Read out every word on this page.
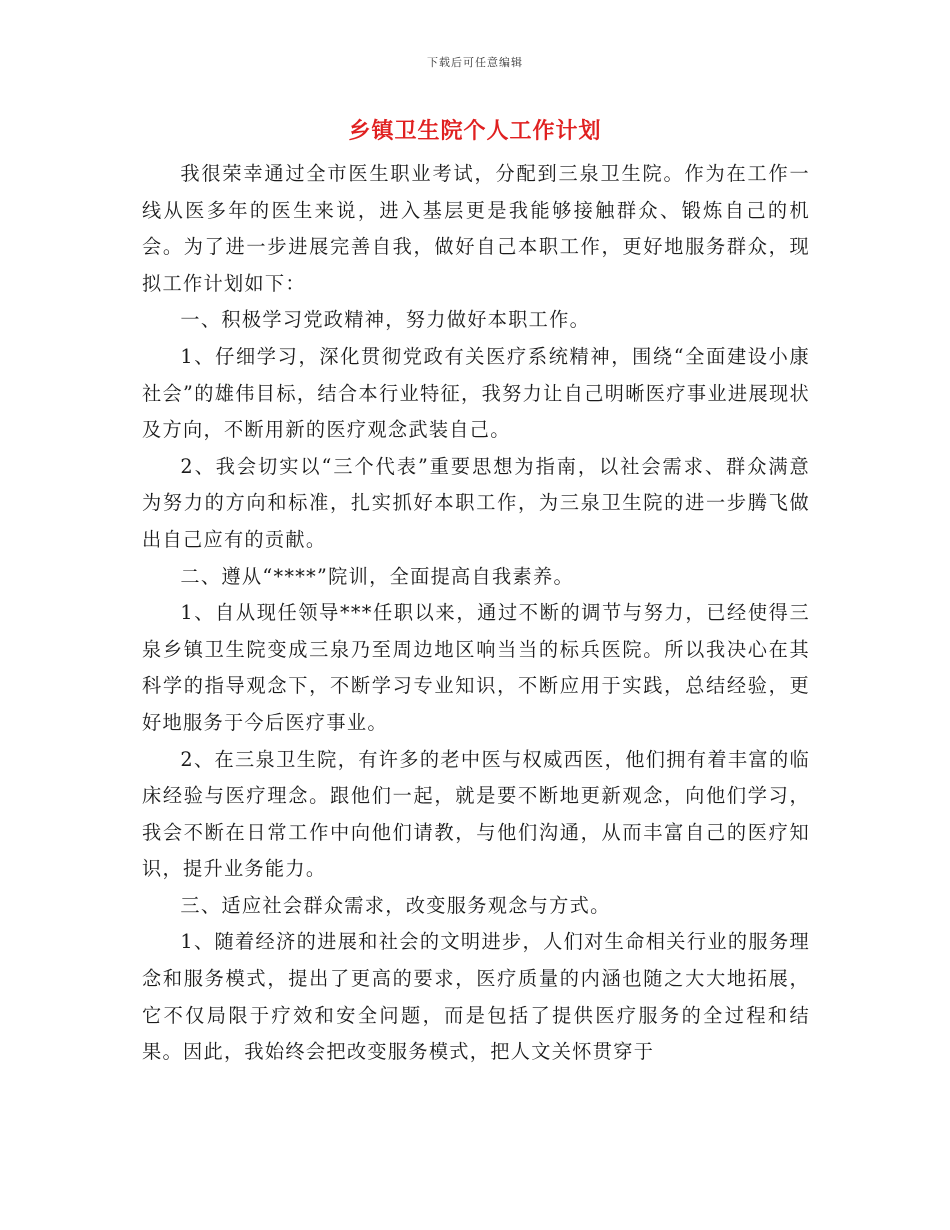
下载后可任意编辑
乡镇卫生院个人工作计划

我很荣幸通过全市医生职业考试，分配到三泉卫生院。作为在工作一线从医多年的医生来说，进入基层更是我能够接触群众、锻炼自己的机会。为了进一步进展完善自我，做好自己本职工作，更好地服务群众，现拟工作计划如下：

一、积极学习党政精神，努力做好本职工作。

1、仔细学习，深化贯彻党政有关医疗系统精神，围绕“全面建设小康社会”的雄伟目标，结合本行业特征，我努力让自己明晰医疗事业进展现状及方向，不断用新的医疗观念武装自己。

2、我会切实以“三个代表”重要思想为指南，以社会需求、群众满意为努力的方向和标准，扎实抓好本职工作，为三泉卫生院的进一步腾飞做出自己应有的贡献。

二、遵从“****”院训，全面提高自我素养。

1、自从现任领导***任职以来，通过不断的调节与努力，已经使得三泉乡镇卫生院变成三泉乃至周边地区响当当的标兵医院。所以我决心在其科学的指导观念下，不断学习专业知识，不断应用于实践，总结经验，更好地服务于今后医疗事业。

2、在三泉卫生院，有许多的老中医与权威西医，他们拥有着丰富的临床经验与医疗理念。跟他们一起，就是要不断地更新观念，向他们学习，我会不断在日常工作中向他们请教，与他们沟通，从而丰富自己的医疗知识，提升业务能力。

三、适应社会群众需求，改变服务观念与方式。

1、随着经济的进展和社会的文明进步，人们对生命相关行业的服务理念和服务模式，提出了更高的要求，医疗质量的内涵也随之大大地拓展，它不仅局限于疗效和安全问题，而是包括了提供医疗服务的全过程和结果。因此，我始终会把改变服务模式，把人文关怀贯穿于
